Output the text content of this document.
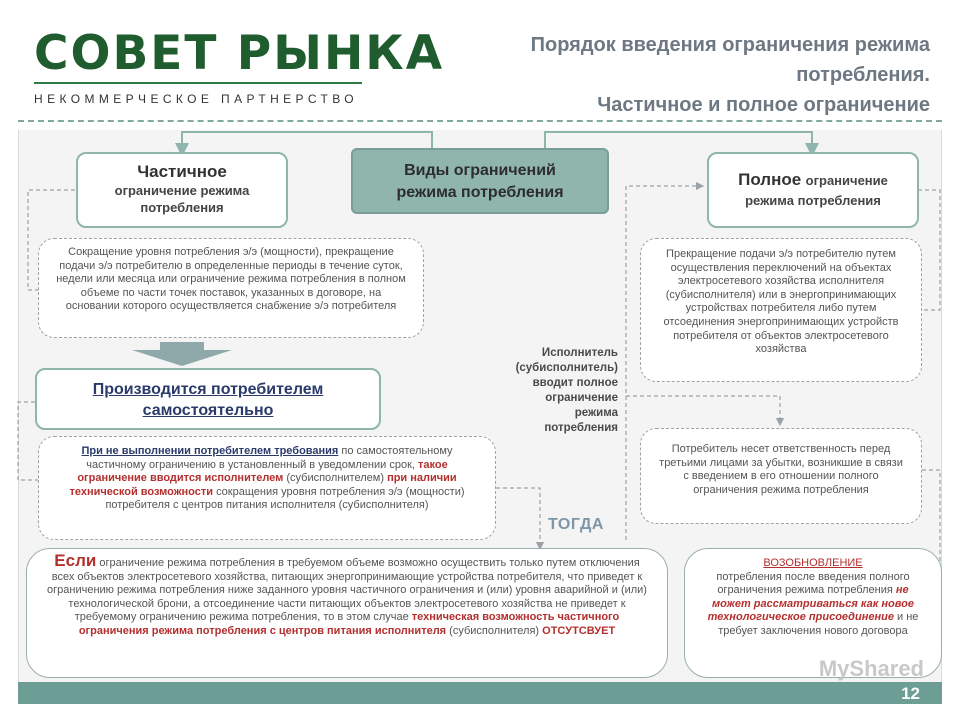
СОВЕТ РЫНКА
НЕКОММЕРЧЕСКОЕ ПАРТНЕРСТВО
Порядок введения ограничения режима
потребления.
Частичное и полное ограничение
Виды ограничений
режима потребления
Частичное
ограничение режима потребления
Сокращение уровня потребления э/э (мощности), прекращение подачи э/э потребителю в определенные периоды в течение суток, недели или месяца или ограничение режима потребления в полном объеме по части точек поставок, указанных в договоре, на основании которого осуществляется снабжение э/э потребителя
Производится потребителем самостоятельно
При не выполнении потребителем требования по самостоятельному частичному ограничению в установленный в уведомлении срок, такое ограничение вводится исполнителем (субисполнителем) при наличии технической возможности сокращения уровня потребления э/э (мощности) потребителя с центров питания исполнителя (субисполнителя)
Полное ограничение режима потребления
Прекращение подачи э/э потребителю путем осуществления переключений на объектах электросетевого хозяйства исполнителя (субисполнителя) или в энергопринимающих устройствах потребителя либо путем отсоединения энергопринимающих устройств потребителя от объектов электросетевого хозяйства
Исполнитель (субисполнитель) вводит полное ограничение режима потребления
Потребитель несет ответственность перед третьими лицами за убытки, возникшие в связи с введением в его отношении полного ограничения режима потребления
ТОГДА
Если ограничение режима потребления в требуемом объеме возможно осуществить только путем отключения всех объектов электросетевого хозяйства, питающих энергопринимающие устройства потребителя, что приведет к ограничению режима потребления ниже заданного уровня частичного ограничения и (или) уровня аварийной и (или) технологической брони, а отсоединение части питающих объектов электросетевого хозяйства не приведет к требуемому ограничению режима потребления, то в этом случае техническая возможность частичного ограничения режима потребления с центров питания исполнителя (субисполнителя) ОТСУТСВУЕТ
ВОЗОБНОВЛЕНИЕ
потребления после введения полного ограничения режима потребления не может рассматриваться как новое технологическое присоединение и не требует заключения нового договора
MyShared
12
